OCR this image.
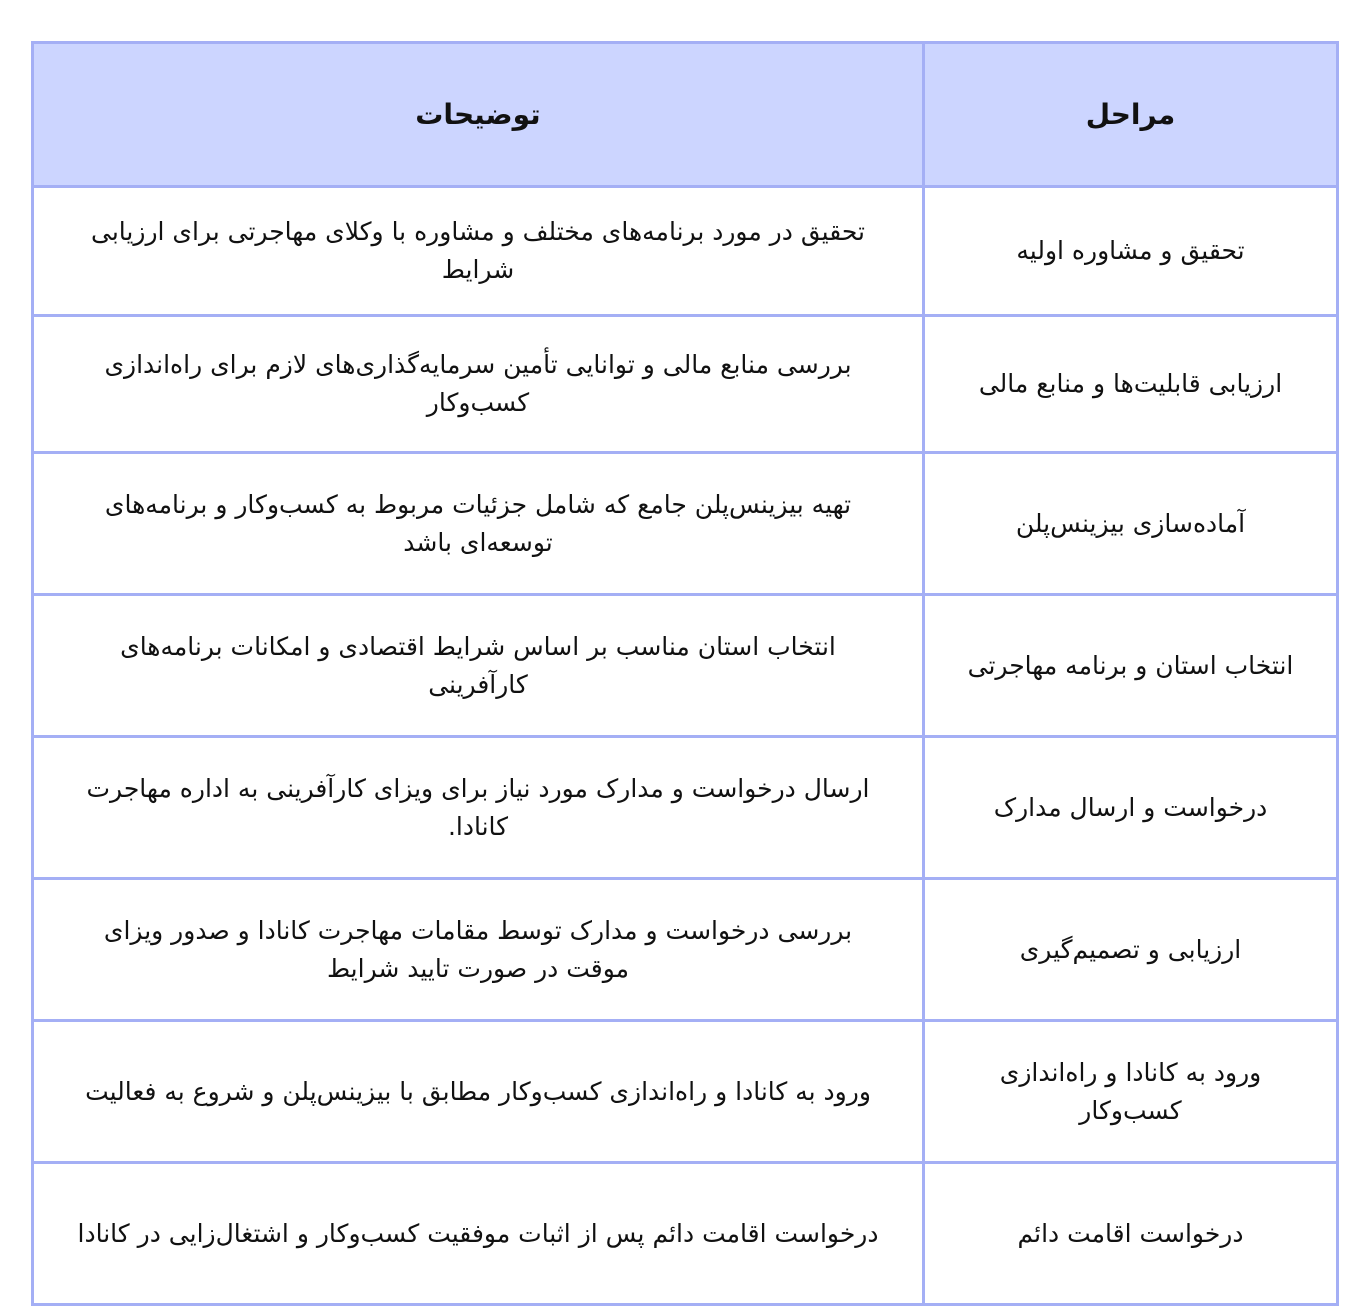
مراحل	توضیحات
تحقیق و مشاوره اولیه	تحقیق در مورد برنامه‌های مختلف و مشاوره با وکلای مهاجرتی برای ارزیابی شرایط
ارزیابی قابلیت‌ها و منابع مالی	بررسی منابع مالی و توانایی تأمین سرمایه‌گذاری‌های لازم برای راه‌اندازی کسب‌وکار
آماده‌سازی بیزینس‌پلن	تهیه بیزینس‌پلن جامع که شامل جزئیات مربوط به کسب‌وکار و برنامه‌های توسعه‌ای باشد
انتخاب استان و برنامه مهاجرتی	انتخاب استان مناسب بر اساس شرایط اقتصادی و امکانات برنامه‌های کارآفرینی
درخواست و ارسال مدارک	ارسال درخواست و مدارک مورد نیاز برای ویزای کارآفرینی به اداره مهاجرت کانادا.
ارزیابی و تصمیم‌گیری	بررسی درخواست و مدارک توسط مقامات مهاجرت کانادا و صدور ویزای موقت در صورت تایید شرایط
ورود به کانادا و راه‌اندازی کسب‌وکار	ورود به کانادا و راه‌اندازی کسب‌وکار مطابق با بیزینس‌پلن و شروع به فعالیت
درخواست اقامت دائم	درخواست اقامت دائم پس از اثبات موفقیت کسب‌وکار و اشتغال‌زایی در کانادا
